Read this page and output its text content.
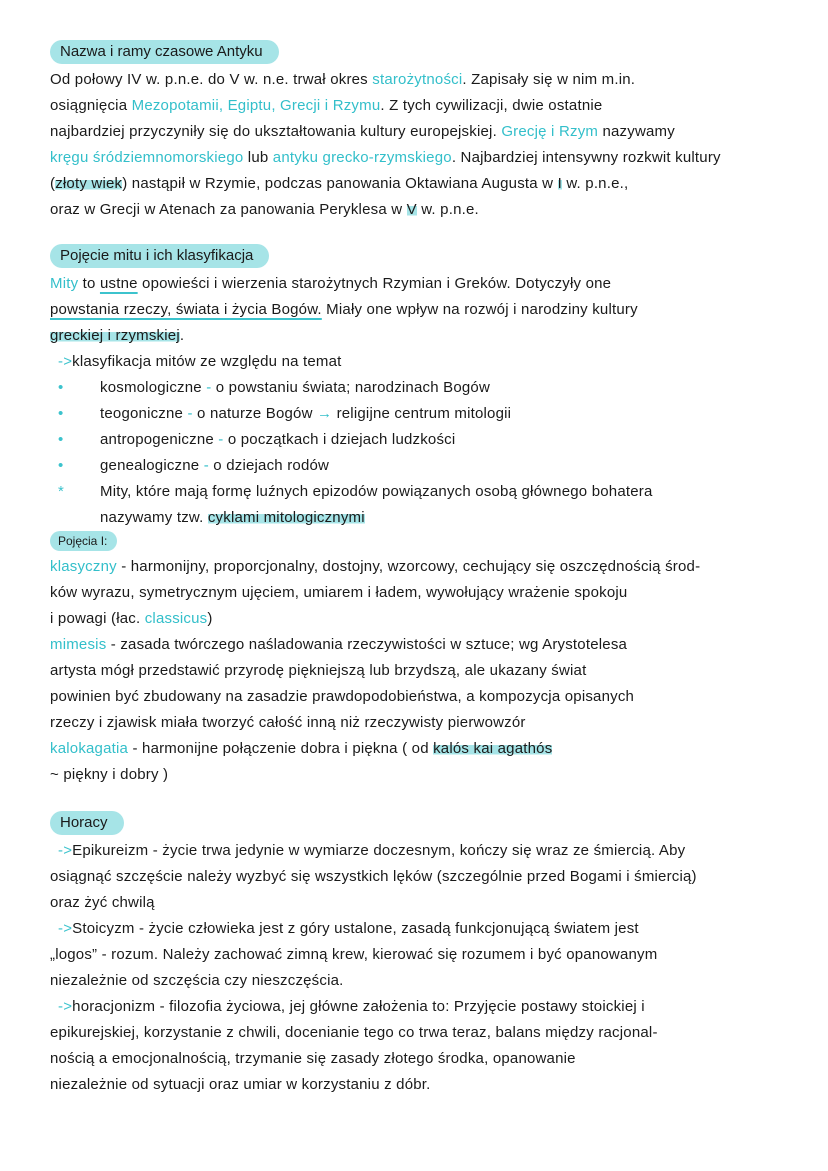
Nazwa i ramy czasowe Antyku
Od połowy IV w. p.n.e. do V w. n.e. trwał okres starożytności. Zapisały się w nim m.in.
osiągnięcia Mezopotamii, Egiptu, Grecji i Rzymu. Z tych cywilizacji, dwie ostatnie
najbardziej przyczyniły się do ukształtowania kultury europejskiej. Grecję i Rzym nazywamy
kręgu śródziemnomorskiego lub antyku grecko-rzymskiego. Najbardziej intensywny rozkwit kultury
(złoty wiek) nastąpił w Rzymie, podczas panowania Oktawiana Augusta w I w. p.n.e.,
oraz w Grecji w Atenach za panowania Peryklesa w V w. p.n.e.
Pojęcie mitu i ich klasyfikacja
Mity to ustne opowieści i wierzenia starożytnych Rzymian i Greków. Dotyczyły one
powstania rzeczy, świata i życia Bogów. Miały one wpływ na rozwój i narodziny kultury
greckiej i rzymskiej.
->klasyfikacja mitów ze względu na temat
• kosmologiczne - o powstaniu świata; narodzinach Bogów
• teogoniczne - o naturze Bogów → religijne centrum mitologii
• antropogeniczne - o początkach i dziejach ludzkości
• genealogiczne - o dziejach rodów
* Mity, które mają formę luźnych epizodów powiązanych osobą głównego bohatera
nazywamy tzw. cyklami mitologicznymi
Pojęcia I:
klasyczny - harmonijny, proporcjonalny, dostojny, wzorcowy, cechujący się oszczędnością środ-
ków wyrazu, symetrycznym ujęciem, umiarem i ładem, wywołujący wrażenie spokoju
i powagi (łac. classicus)
mimesis - zasada twórczego naśladowania rzeczywistości w sztuce; wg Arystotelesa
artysta mógł przedstawić przyrodę piękniejszą lub brzydszą, ale ukazany świat
powinien być zbudowany na zasadzie prawdopodobieństwa, a kompozycja opisanych
rzeczy i zjawisk miała tworzyć całość inną niż rzeczywisty pierwowzór
kalokagatia - harmonijne połączenie dobra i piękna ( od kalós kai agathós
~ piękny i dobry )
Horacy
->Epikureizm - życie trwa jedynie w wymiarze doczesnym, kończy się wraz ze śmiercią. Aby
osiągnąć szczęście należy wyzbyć się wszystkich lęków (szczególnie przed Bogami i śmiercią)
oraz żyć chwilą
->Stoicyzm - życie człowieka jest z góry ustalone, zasadą funkcjonującą światem jest
„logos” - rozum. Należy zachować zimną krew, kierować się rozumem i być opanowanym
niezależnie od szczęścia czy nieszczęścia.
->horacjonizm - filozofia życiowa, jej główne założenia to: Przyjęcie postawy stoickiej i
epikurejskiej, korzystanie z chwili, docenianie tego co trwa teraz, balans między racjonal-
nością a emocjonalnością, trzymanie się zasady złotego środka, opanowanie
niezależnie od sytuacji oraz umiar w korzystaniu z dóbr.
